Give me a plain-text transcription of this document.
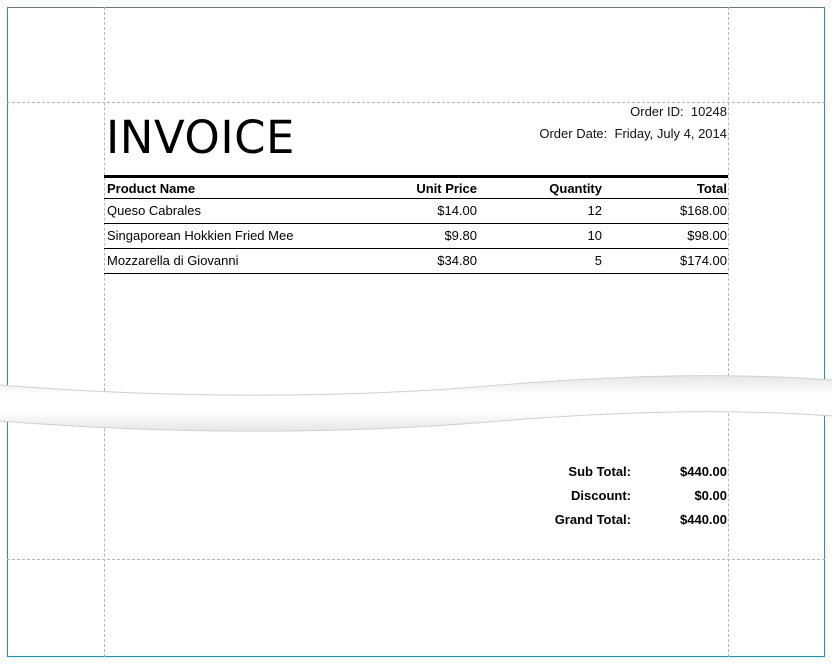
INVOICE	Order ID: 10248
Order Date: Friday, July 4, 2014
Product Name	Unit Price	Quantity	Total
Queso Cabrales	$14.00	12	$168.00
Singaporean Hokkien Fried Mee	$9.80	10	$98.00
Mozzarella di Giovanni	$34.80	5	$174.00
Sub Total:	$440.00
Discount:	$0.00
Grand Total:	$440.00
